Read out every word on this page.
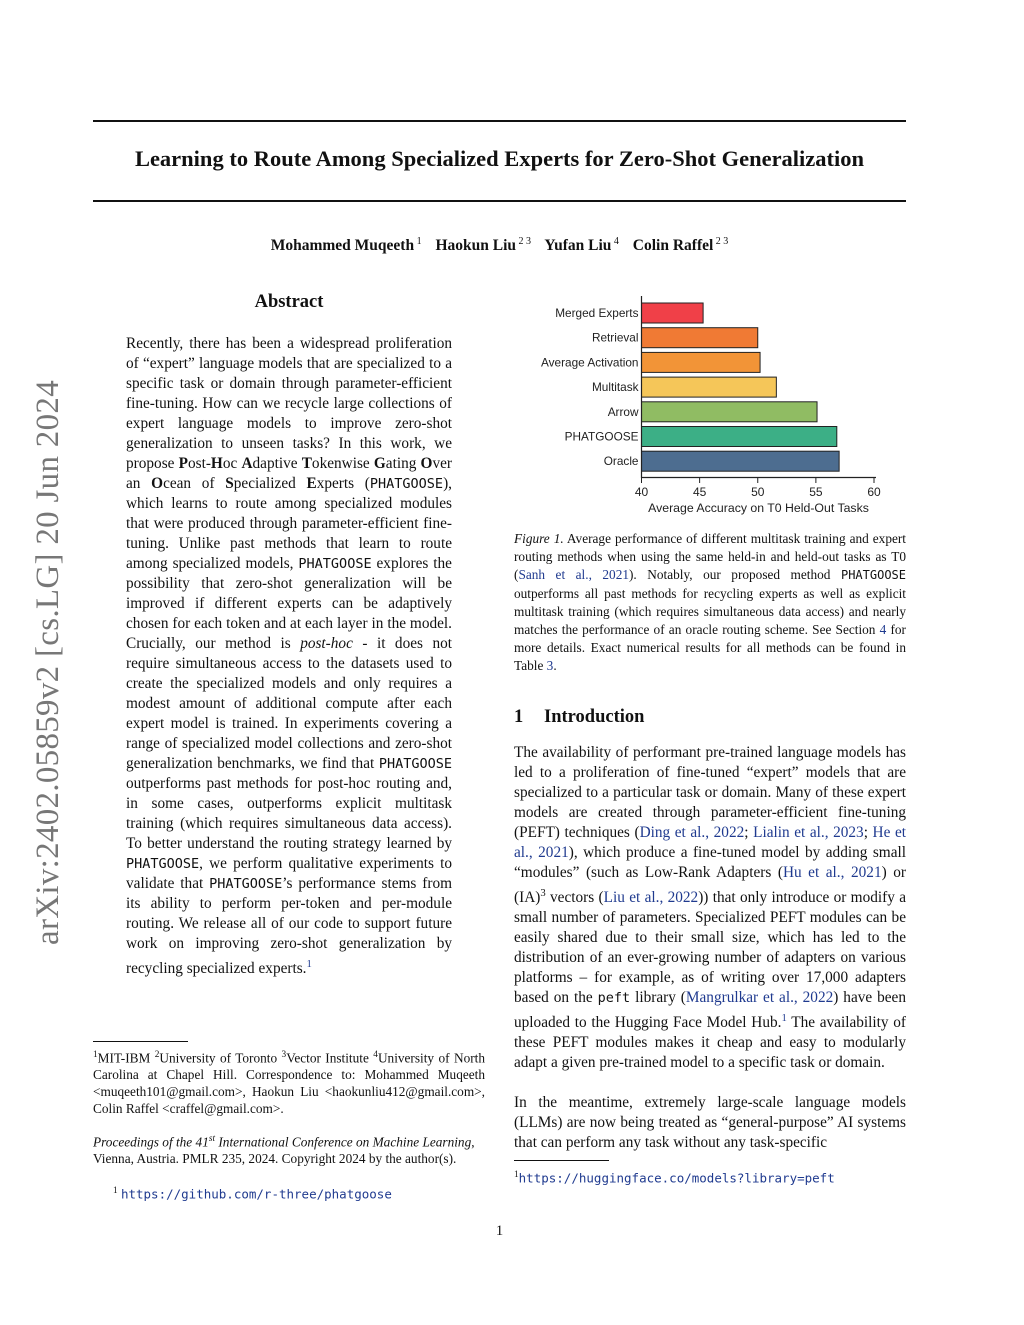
Learning to Route Among Specialized Experts for Zero-Shot Generalization
Mohammed Muqeeth $^1$ Haokun Liu $^{2 3}$ Yufan Liu $^4$ Colin Raffel $^{2 3}$
arXiv:2402.05859v2 [cs.LG] 20 Jun 2024
Abstract
Recently, there has been a widespread proliferation of “expert” language models that are specialized to a specific task or domain through parameter-efficient fine-tuning. How can we recycle large collections of expert language models to improve zero-shot generalization to unseen tasks? In this work, we propose Post-Hoc Adaptive Tokenwise Gating Over an Ocean of Specialized Experts (PHATGOOSE), which learns to route among specialized modules that were produced through parameter-efficient fine-tuning. Unlike past methods that learn to route among specialized models, PHATGOOSE explores the possibility that zero-shot generalization will be improved if different experts can be adaptively chosen for each token and at each layer in the model. Crucially, our method is post-hoc - it does not require simultaneous access to the datasets used to create the specialized models and only requires a modest amount of additional compute after each expert model is trained. In experiments covering a range of specialized model collections and zero-shot generalization benchmarks, we find that PHATGOOSE outperforms past methods for post-hoc routing and, in some cases, outperforms explicit multitask training (which requires simultaneous data access). To better understand the routing strategy learned by PHATGOOSE, we perform qualitative experiments to validate that PHATGOOSE’s performance stems from its ability to perform per-token and per-module routing. We release all of our code to support future work on improving zero-shot generalization by recycling specialized experts.$^1$
$^1$MIT-IBM $^2$University of Toronto $^3$Vector Institute $^4$University of North Carolina at Chapel Hill. Correspondence to: Mohammed Muqeeth <muqeeth101@gmail.com>, Haokun Liu <haokunliu412@gmail.com>, Colin Raffel <craffel@gmail.com>.
Proceedings of the 41st International Conference on Machine Learning, Vienna, Austria. PMLR 235, 2024. Copyright 2024 by the author(s).
$^1$ https://github.com/r-three/phatgoose
Merged Experts
Retrieval
Average Activation
Multitask
Arrow
PHATGOOSE
Oracle
40	45	50	55	60
Average Accuracy on T0 Held-Out Tasks
Figure 1. Average performance of different multitask training and expert routing methods when using the same held-in and held-out tasks as T0 (Sanh et al., 2021). Notably, our proposed method PHATGOOSE outperforms all past methods for recycling experts as well as explicit multitask training (which requires simultaneous data access) and nearly matches the performance of an oracle routing scheme. See Section 4 for more details. Exact numerical results for all methods can be found in Table 3.
1 Introduction
The availability of performant pre-trained language models has led to a proliferation of fine-tuned “expert” models that are specialized to a particular task or domain. Many of these expert models are created through parameter-efficient fine-tuning (PEFT) techniques (Ding et al., 2022; Lialin et al., 2023; He et al., 2021), which produce a fine-tuned model by adding small “modules” (such as Low-Rank Adapters (Hu et al., 2021) or (IA)$^3$ vectors (Liu et al., 2022)) that only introduce or modify a small number of parameters. Specialized PEFT modules can be easily shared due to their small size, which has led to the distribution of an ever-growing number of adapters on various platforms – for example, as of writing over 17,000 adapters based on the peft library (Mangrulkar et al., 2022) have been uploaded to the Hugging Face Model Hub.$^1$ The availability of these PEFT modules makes it cheap and easy to modularly adapt a given pre-trained model to a specific task or domain.
In the meantime, extremely large-scale language models (LLMs) are now being treated as “general-purpose” AI systems that can perform any task without any task-specific
$^1$https://huggingface.co/models?library=peft
1
